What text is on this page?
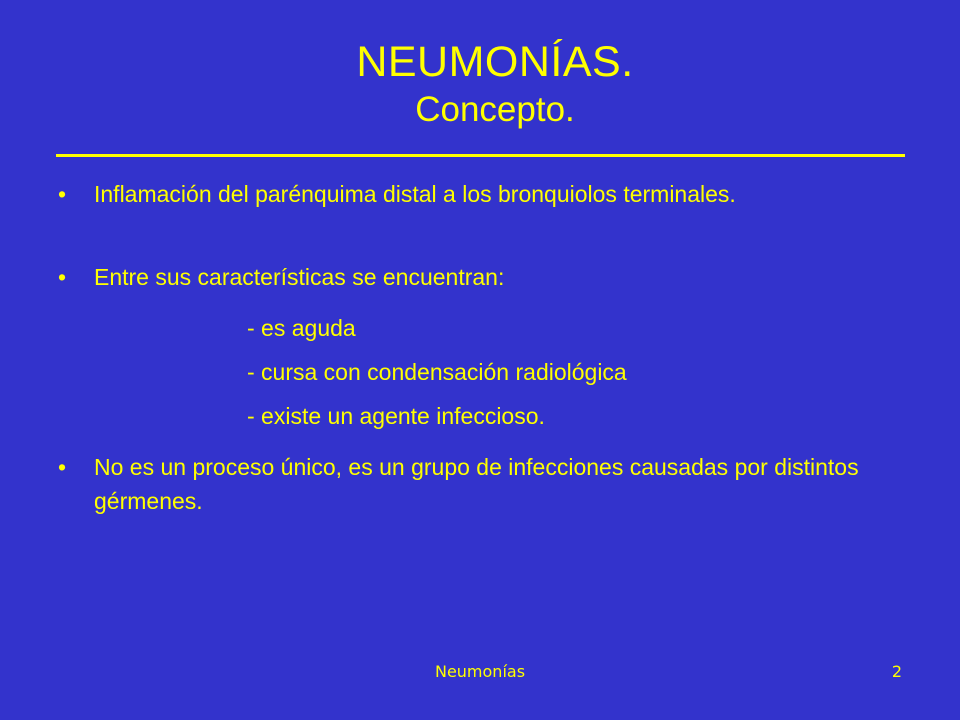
NEUMONÍAS.
Concepto.
• Inflamación del parénquima distal a los bronquiolos terminales.
• Entre sus características se encuentran:
- es aguda
- cursa con condensación radiológica
- existe un agente infeccioso.
• No es un proceso único, es un grupo de infecciones causadas por distintos gérmenes.
Neumonías	2
